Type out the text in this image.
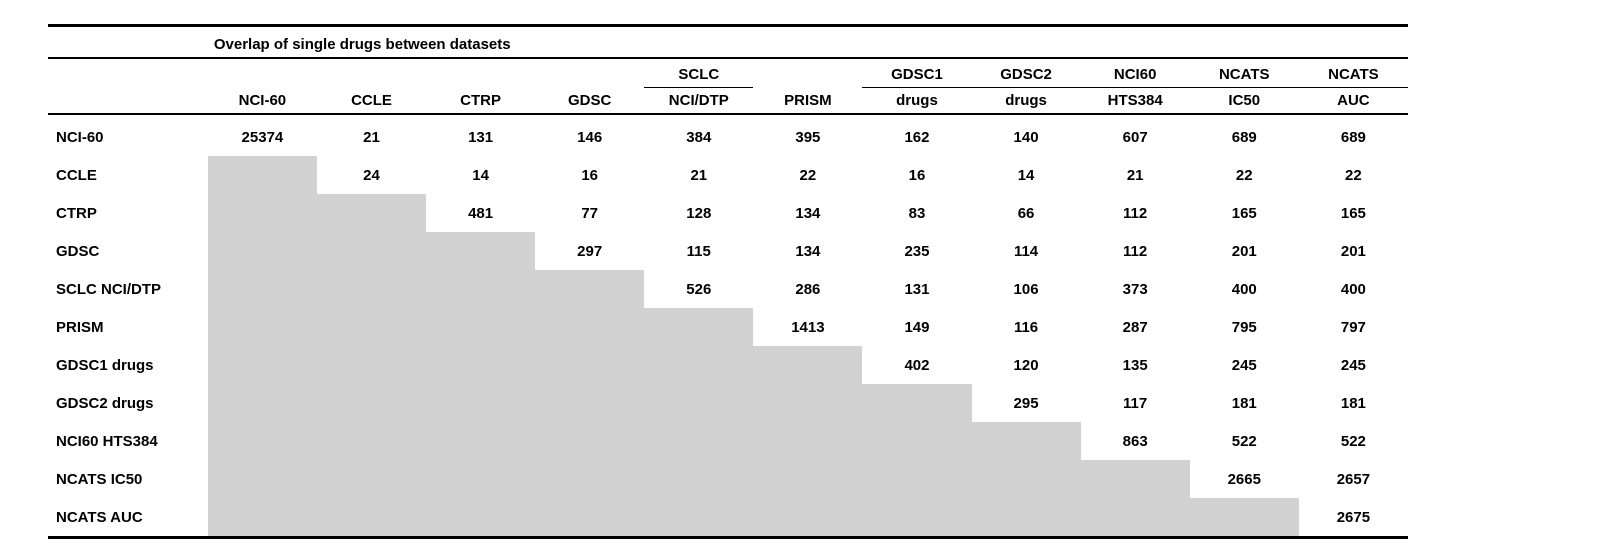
	Overlap of single drugs between datasets										

					SCLC		GDSC1	GDSC2	NCI60	NCATS	NCATS
	NCI-60	CCLE	CTRP	GDSC	NCI/DTP	PRISM	drugs	drugs	HTS384	IC50	AUC

NCI-60	25374	21	131	146	384	395	162	140	607	689	689
CCLE		24	14	16	21	22	16	14	21	22	22
CTRP			481	77	128	134	83	66	112	165	165
GDSC				297	115	134	235	114	112	201	201
SCLC NCI/DTP					526	286	131	106	373	400	400
PRISM						1413	149	116	287	795	797
GDSC1 drugs							402	120	135	245	245
GDSC2 drugs								295	117	181	181
NCI60 HTS384									863	522	522
NCATS IC50										2665	2657
NCATS AUC											2675
